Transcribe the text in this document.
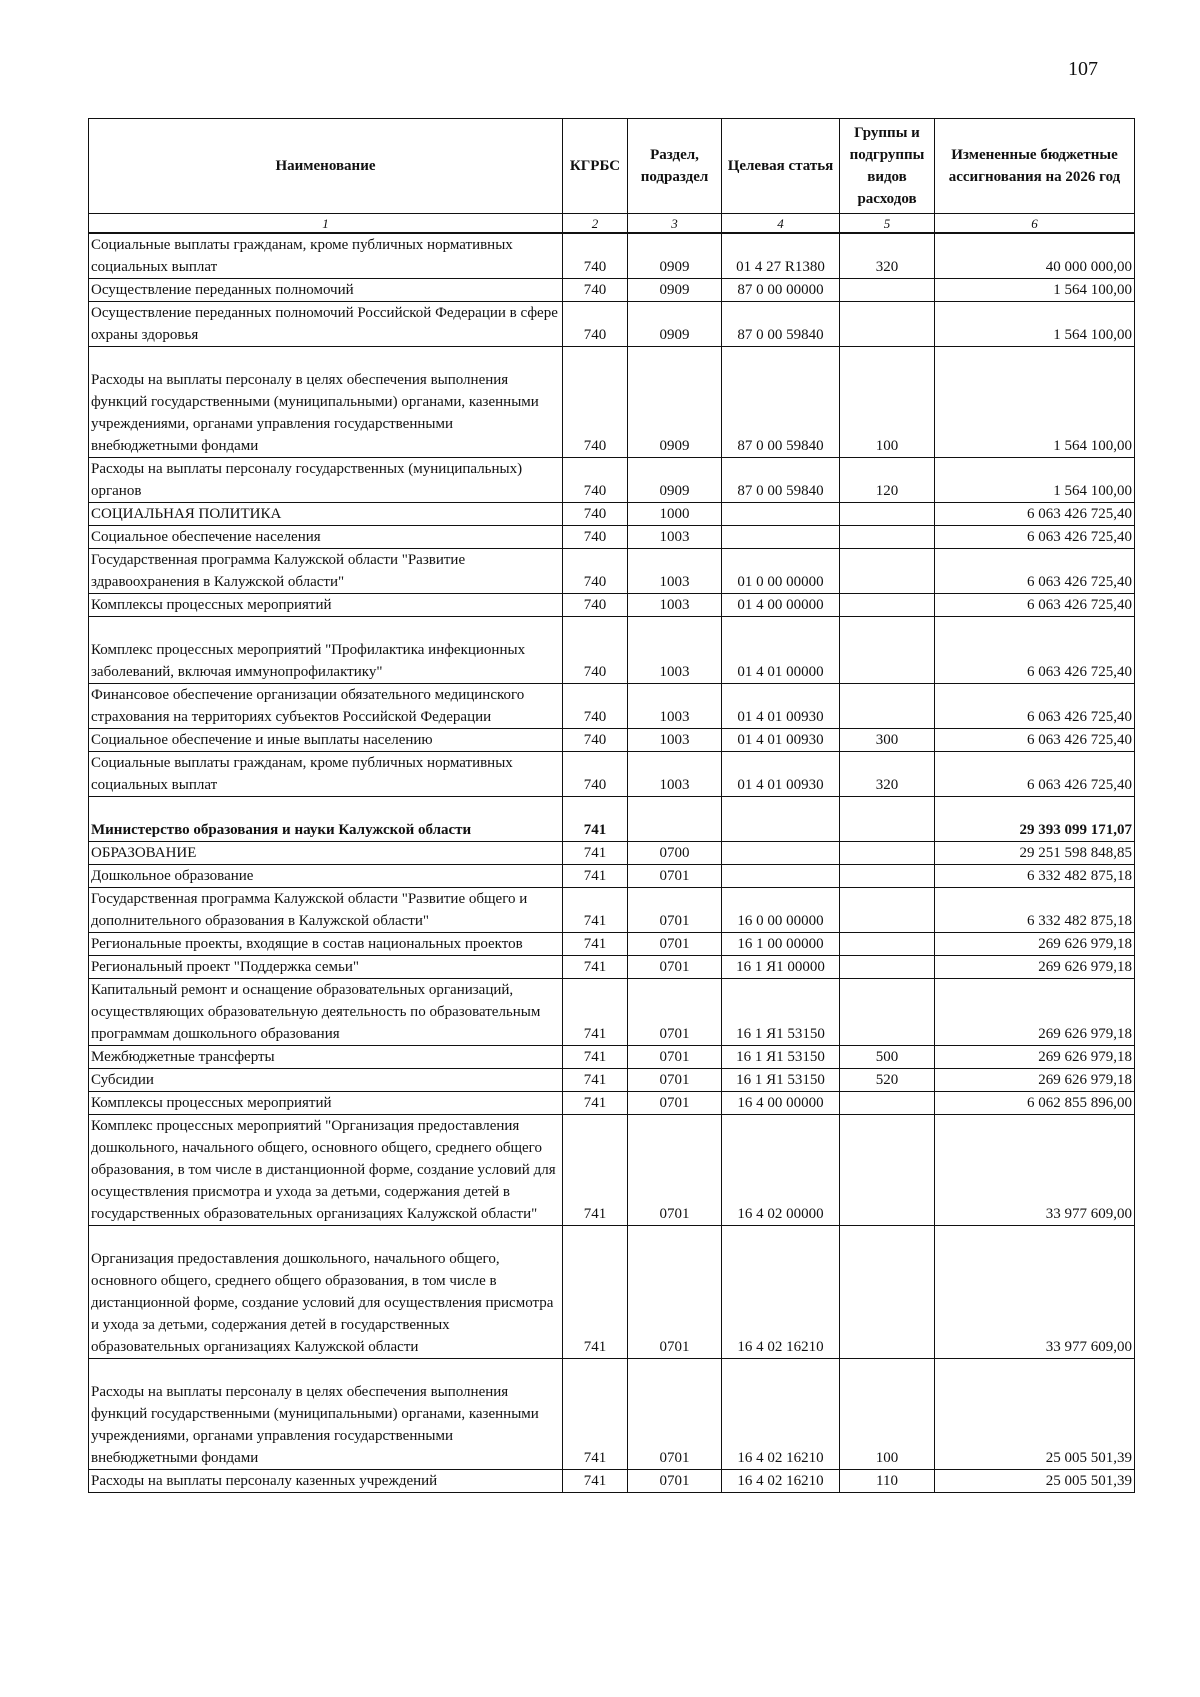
107
Наименование	КГРБС	Раздел, подраздел	Целевая статья	Группы и подгруппы видов расходов	Измененные бюджетные ассигнования на 2026 год
1	2	3	4	5	6
Социальные выплаты гражданам, кроме публичных нормативных социальных выплат	740	0909	01 4 27 R1380	320	40 000 000,00
Осуществление переданных полномочий	740	0909	87 0 00 00000		1 564 100,00
Осуществление переданных полномочий Российской Федерации в сфере охраны здоровья	740	0909	87 0 00 59840		1 564 100,00

Расходы на выплаты персоналу в целях обеспечения выполнения функций государственными (муниципальными) органами, казенными учреждениями, органами управления государственными внебюджетными фондами	740	0909	87 0 00 59840	100	1 564 100,00
Расходы на выплаты персоналу государственных (муниципальных) органов	740	0909	87 0 00 59840	120	1 564 100,00
СОЦИАЛЬНАЯ ПОЛИТИКА	740	1000			6 063 426 725,40
Социальное обеспечение населения	740	1003			6 063 426 725,40
Государственная программа Калужской области "Развитие здравоохранения в Калужской области"	740	1003	01 0 00 00000		6 063 426 725,40
Комплексы процессных мероприятий	740	1003	01 4 00 00000		6 063 426 725,40

Комплекс процессных мероприятий "Профилактика инфекционных заболеваний, включая иммунопрофилактику"	740	1003	01 4 01 00000		6 063 426 725,40
Финансовое обеспечение организации обязательного медицинского страхования на территориях субъектов Российской Федерации	740	1003	01 4 01 00930		6 063 426 725,40
Социальное обеспечение и иные выплаты населению	740	1003	01 4 01 00930	300	6 063 426 725,40
Социальные выплаты гражданам, кроме публичных нормативных социальных выплат	740	1003	01 4 01 00930	320	6 063 426 725,40

Министерство образования и науки Калужской области	741				29 393 099 171,07
ОБРАЗОВАНИЕ	741	0700			29 251 598 848,85
Дошкольное образование	741	0701			6 332 482 875,18
Государственная программа Калужской области "Развитие общего и дополнительного образования в Калужской области"	741	0701	16 0 00 00000		6 332 482 875,18
Региональные проекты, входящие в состав национальных проектов	741	0701	16 1 00 00000		269 626 979,18
Региональный проект "Поддержка семьи"	741	0701	16 1 Я1 00000		269 626 979,18
Капитальный ремонт и оснащение образовательных организаций, осуществляющих образовательную деятельность по образовательным программам дошкольного образования	741	0701	16 1 Я1 53150		269 626 979,18
Межбюджетные трансферты	741	0701	16 1 Я1 53150	500	269 626 979,18
Субсидии	741	0701	16 1 Я1 53150	520	269 626 979,18
Комплексы процессных мероприятий	741	0701	16 4 00 00000		6 062 855 896,00
Комплекс процессных мероприятий "Организация предоставления дошкольного, начального общего, основного общего, среднего общего образования, в том числе в дистанционной форме, создание условий для осуществления присмотра и ухода за детьми, содержания детей в государственных образовательных организациях Калужской области"	741	0701	16 4 02 00000		33 977 609,00

Организация предоставления дошкольного, начального общего, основного общего, среднего общего образования, в том числе в дистанционной форме, создание условий для осуществления присмотра и ухода за детьми, содержания детей в государственных образовательных организациях Калужской области	741	0701	16 4 02 16210		33 977 609,00

Расходы на выплаты персоналу в целях обеспечения выполнения функций государственными (муниципальными) органами, казенными учреждениями, органами управления государственными внебюджетными фондами	741	0701	16 4 02 16210	100	25 005 501,39
Расходы на выплаты персоналу казенных учреждений	741	0701	16 4 02 16210	110	25 005 501,39
